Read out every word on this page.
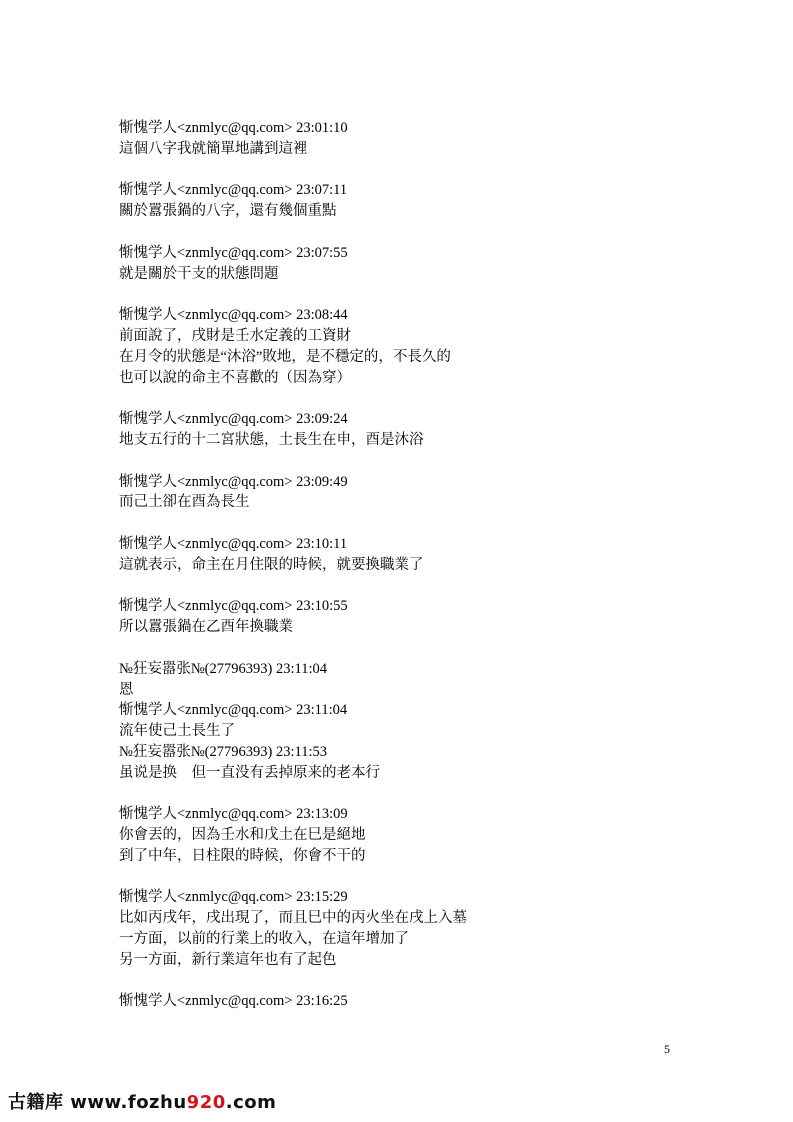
惭愧学人<znmlyc@qq.com> 23:01:10
這個八字我就簡單地講到這裡
惭愧学人<znmlyc@qq.com> 23:07:11
關於囂張鍋的八字，還有幾個重點
惭愧学人<znmlyc@qq.com> 23:07:55
就是關於干支的狀態問題
惭愧学人<znmlyc@qq.com> 23:08:44
前面說了，戌財是壬水定義的工資財
在月令的狀態是“沐浴”敗地，是不穩定的，不長久的
也可以說的命主不喜歡的（因為穿）
惭愧学人<znmlyc@qq.com> 23:09:24
地支五行的十二宮狀態，土長生在申，酉是沐浴
惭愧学人<znmlyc@qq.com> 23:09:49
而己土卻在酉為長生
惭愧学人<znmlyc@qq.com> 23:10:11
這就表示，命主在月住限的時候，就要換職業了
惭愧学人<znmlyc@qq.com> 23:10:55
所以囂張鍋在乙酉年換職業
№狂妄嚣张№(27796393) 23:11:04
恩
惭愧学人<znmlyc@qq.com> 23:11:04
流年使己土長生了
№狂妄嚣张№(27796393) 23:11:53
虽说是换　但一直没有丢掉原来的老本行
惭愧学人<znmlyc@qq.com> 23:13:09
你會丟的，因為壬水和戊土在巳是絕地
到了中年，日柱限的時候，你會不干的
惭愧学人<znmlyc@qq.com> 23:15:29
比如丙戌年，戌出現了，而且巳中的丙火坐在戌上入墓
一方面，以前的行業上的收入，在這年增加了
另一方面，新行業這年也有了起色
惭愧学人<znmlyc@qq.com> 23:16:25
5
古籍库 www.fozhu920.com
